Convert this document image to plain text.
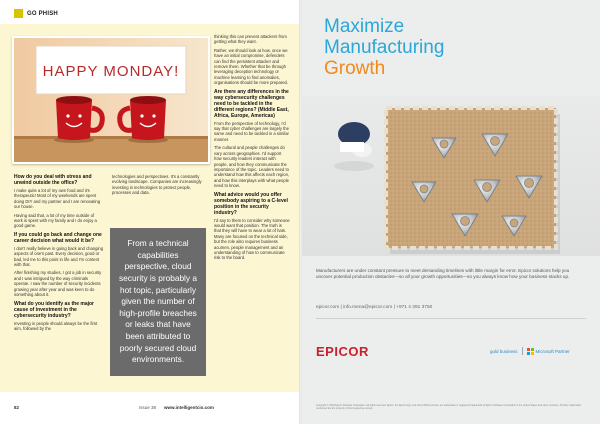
GO PHISH
HAPPY MONDAY!

How do you deal with stress and unwind outside the office?

I make quite a lot of my own food and it's therapeutic! Most of my weekends are spent doing DIY and my partner and I are renovating our house.

Having said that, a lot of my time outside of work is spent with my family and I do enjoy a good game.

If you could go back and change one career decision what would it be?

I don't really believe in going back and changing aspects of one's past. Every decision, good or bad, led me to this point in life and I'm content with that.

After finishing my studies, I got a job in security and I was intrigued by the way criminals operate. I saw the number of security incidents growing year after year and was keen to do something about it.

What do you identify as the major cause of investment in the cybersecurity industry?

Investing in people should always be the first aim, followed by the

technologies and perspectives. It's a constantly evolving landscape. Companies are increasingly investing in technologies to protect people, processes and data.

From a technical capabilities perspective, cloud security is probably a hot topic, particularly given the number of high-profile breaches or leaks that have been attributed to poorly secured cloud environments.

thinking this can prevent attackers from getting what they want.

Rather, we should look at how, once we have an initial compromise, defenders can find the persistent attacker and remove them. Whether that be through leveraging deception technology or machine learning to find anomalies, organisations should be more prepared.

Are there any differences in the way cybersecurity challenges need to be tackled in the different regions? (Middle East, Africa, Europe, Americas)

From the perspective of technology, I'd say that cyber challenges are largely the same and need to be tackled in a similar manner.

The cultural and people challenges do vary across geographies. I'd support how security leaders interact with people, and how they communicate the importance of the topic. Leaders need to understand how this affects each region, and how this interplays with what people need to know.

What advice would you offer somebody aspiring to a C-level position in the security industry?

I'd say to them to consider why someone would want that position. The truth is that they will have to wear a lot of hats. Many are focused on the technical side, but the role also requires business acumen, people management and an understanding of how to communicate risk to the board.

82	Issue 38 www.intelligentcio.com
Maximize
Manufacturing
Growth
Manufacturers are under constant pressure to meet demanding timelines with little margin for error. Epicor solutions help you uncover potential production obstacles—so all your growth opportunities—so you always know how your business stacks up.
epicor.com | info.mena@epicor.com | +971 4 391 3750
EPICOR	gold business	Microsoft Partner
Copyright © 2018 Epicor Software Corporation. All rights reserved. Epicor, the Epicor logo, and Grow Without Limits, are trademarks or registered trademarks of Epicor Software Corporation in the United States and other countries. All other trademarks mentioned are the property of their respective owners.
